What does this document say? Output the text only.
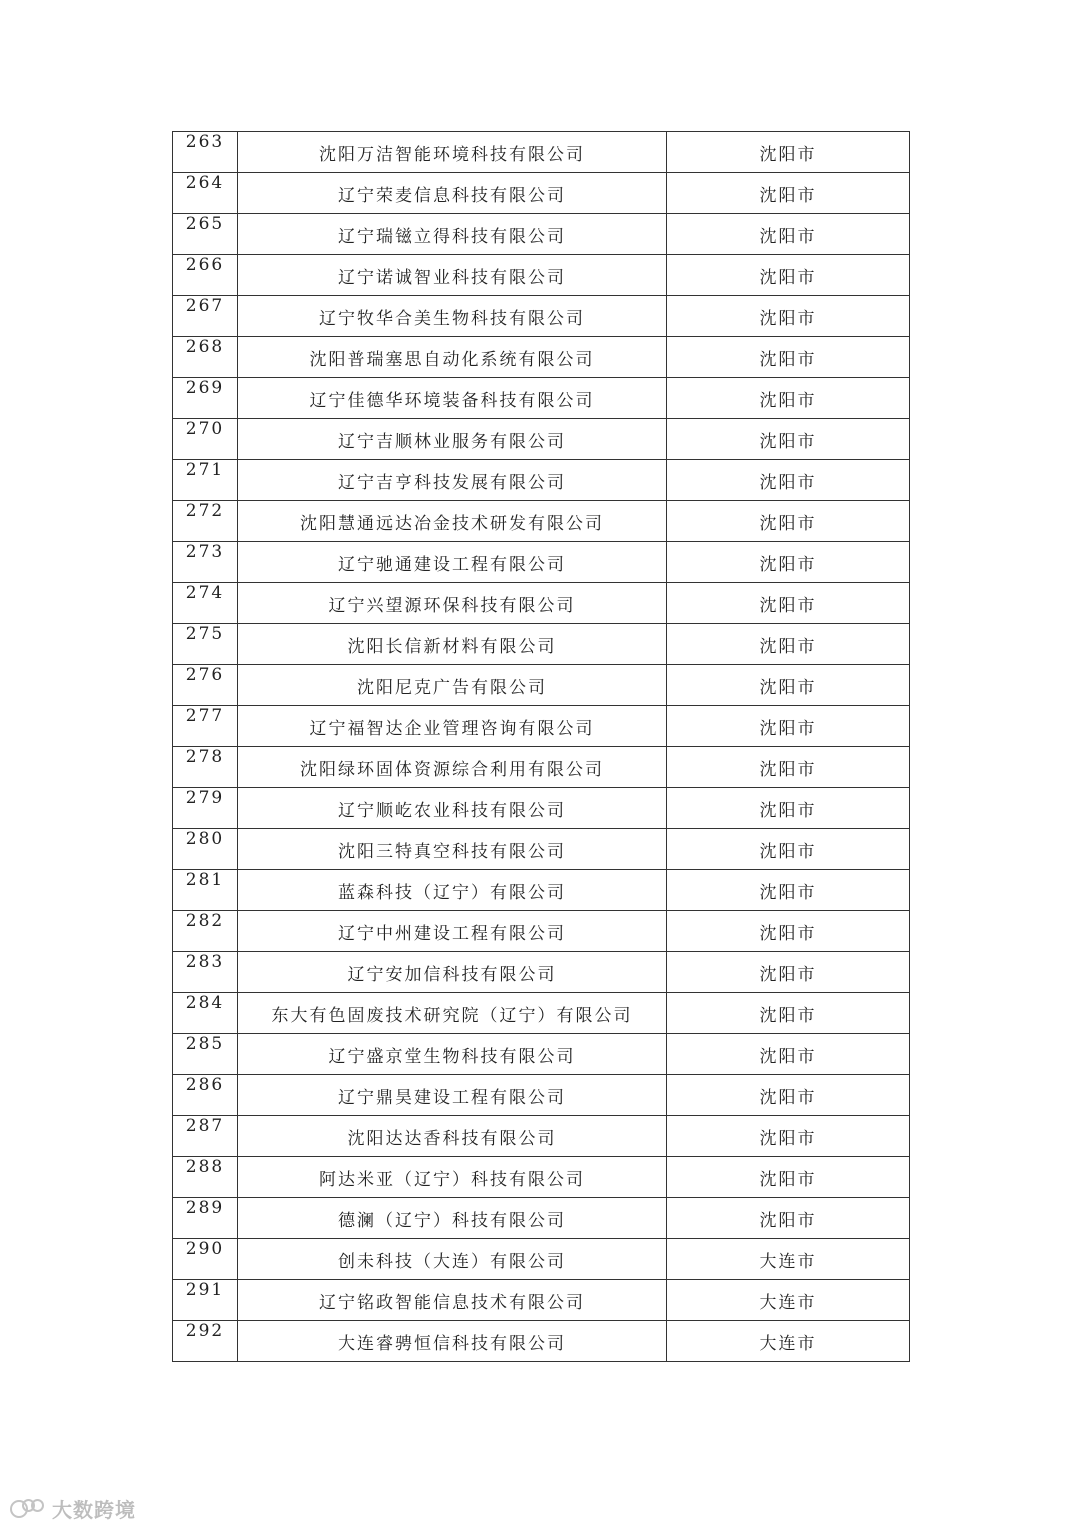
263	沈阳万洁智能环境科技有限公司	沈阳市
264	辽宁荣麦信息科技有限公司	沈阳市
265	辽宁瑞镃立得科技有限公司	沈阳市
266	辽宁诺诚智业科技有限公司	沈阳市
267	辽宁牧华合美生物科技有限公司	沈阳市
268	沈阳普瑞塞思自动化系统有限公司	沈阳市
269	辽宁佳德华环境装备科技有限公司	沈阳市
270	辽宁吉顺林业服务有限公司	沈阳市
271	辽宁吉亨科技发展有限公司	沈阳市
272	沈阳慧通远达冶金技术研发有限公司	沈阳市
273	辽宁驰通建设工程有限公司	沈阳市
274	辽宁兴望源环保科技有限公司	沈阳市
275	沈阳长信新材料有限公司	沈阳市
276	沈阳尼克广告有限公司	沈阳市
277	辽宁福智达企业管理咨询有限公司	沈阳市
278	沈阳绿环固体资源综合利用有限公司	沈阳市
279	辽宁顺屹农业科技有限公司	沈阳市
280	沈阳三特真空科技有限公司	沈阳市
281	蓝森科技（辽宁）有限公司	沈阳市
282	辽宁中州建设工程有限公司	沈阳市
283	辽宁安加信科技有限公司	沈阳市
284	东大有色固废技术研究院（辽宁）有限公司	沈阳市
285	辽宁盛京堂生物科技有限公司	沈阳市
286	辽宁鼎昊建设工程有限公司	沈阳市
287	沈阳达达香科技有限公司	沈阳市
288	阿达米亚（辽宁）科技有限公司	沈阳市
289	德澜（辽宁）科技有限公司	沈阳市
290	创未科技（大连）有限公司	大连市
291	辽宁铭政智能信息技术有限公司	大连市
292	大连睿骋恒信科技有限公司	大连市
大数跨境
